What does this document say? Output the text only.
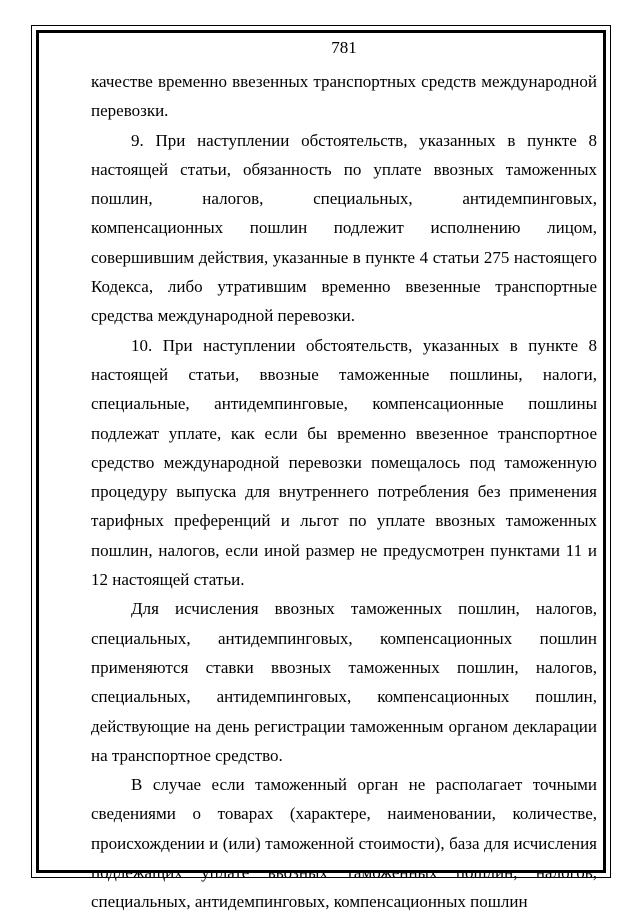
781

качестве временно ввезенных транспортных средств международной перевозки.

9. При наступлении обстоятельств, указанных в пункте 8 настоящей статьи, обязанность по уплате ввозных таможенных пошлин, налогов, специальных, антидемпинговых, компенсационных пошлин подлежит исполнению лицом, совершившим действия, указанные в пункте 4 статьи 275 настоящего Кодекса, либо утратившим временно ввезенные транспортные средства международной перевозки.

10. При наступлении обстоятельств, указанных в пункте 8 настоящей статьи, ввозные таможенные пошлины, налоги, специальные, антидемпинговые, компенсационные пошлины подлежат уплате, как если бы временно ввезенное транспортное средство международной перевозки помещалось под таможенную процедуру выпуска для внутреннего потребления без применения тарифных преференций и льгот по уплате ввозных таможенных пошлин, налогов, если иной размер не предусмотрен пунктами 11 и 12 настоящей статьи.

Для исчисления ввозных таможенных пошлин, налогов, специальных, антидемпинговых, компенсационных пошлин применяются ставки ввозных таможенных пошлин, налогов, специальных, антидемпинговых, компенсационных пошлин, действующие на день регистрации таможенным органом декларации на транспортное средство.

В случае если таможенный орган не располагает точными сведениями о товарах (характере, наименовании, количестве, происхождении и (или) таможенной стоимости), база для исчисления подлежащих уплате ввозных таможенных пошлин, налогов, специальных, антидемпинговых, компенсационных пошлин
